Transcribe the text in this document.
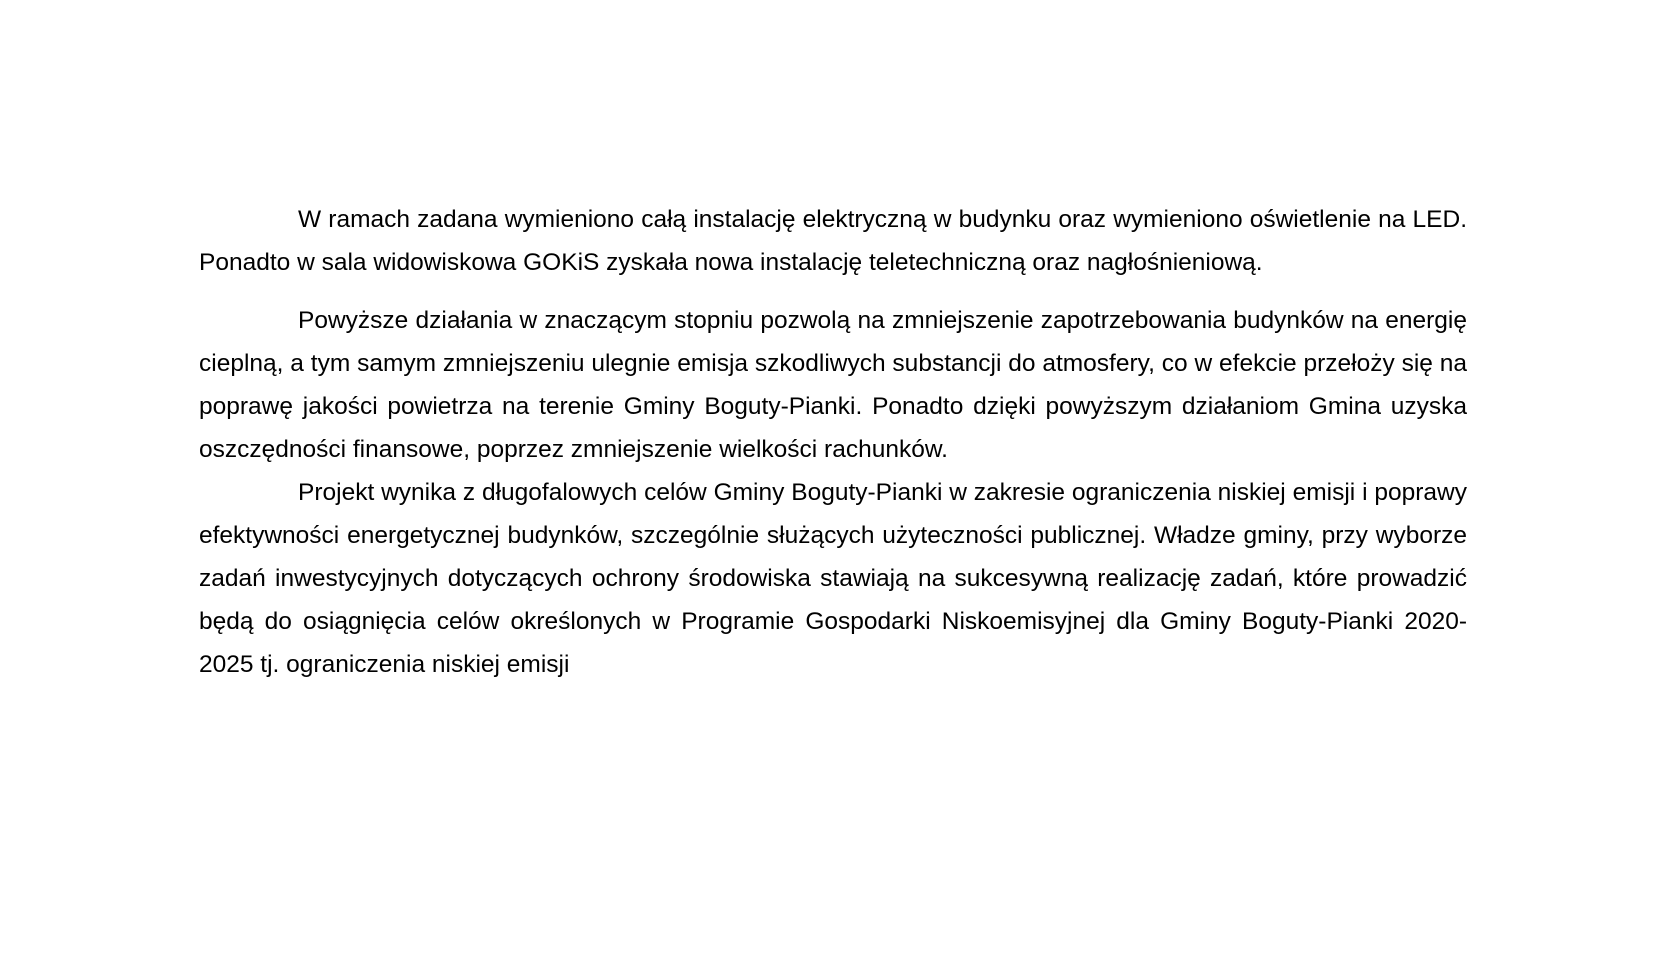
W ramach zadana wymieniono całą instalację elektryczną w budynku oraz wymieniono oświetlenie na LED. Ponadto w sala widowiskowa GOKiS zyskała nowa instalację teletechniczną oraz nagłośnieniową.

Powyższe działania w znaczącym stopniu pozwolą na zmniejszenie zapotrzebowania budynków na energię cieplną, a tym samym zmniejszeniu ulegnie emisja szkodliwych substancji do atmosfery, co w efekcie przełoży się na poprawę jakości powietrza na terenie Gminy Boguty-Pianki. Ponadto dzięki powyższym działaniom Gmina uzyska oszczędności finansowe, poprzez zmniejszenie wielkości rachunków.

Projekt wynika z długofalowych celów Gminy Boguty-Pianki w zakresie ograniczenia niskiej emisji i poprawy efektywności energetycznej budynków, szczególnie służących użyteczności publicznej. Władze gminy, przy wyborze zadań inwestycyjnych dotyczących ochrony środowiska stawiają na sukcesywną realizację zadań, które prowadzić będą do osiągnięcia celów określonych w Programie Gospodarki Niskoemisyjnej dla Gminy Boguty-Pianki 2020-2025 tj. ograniczenia niskiej emisji
